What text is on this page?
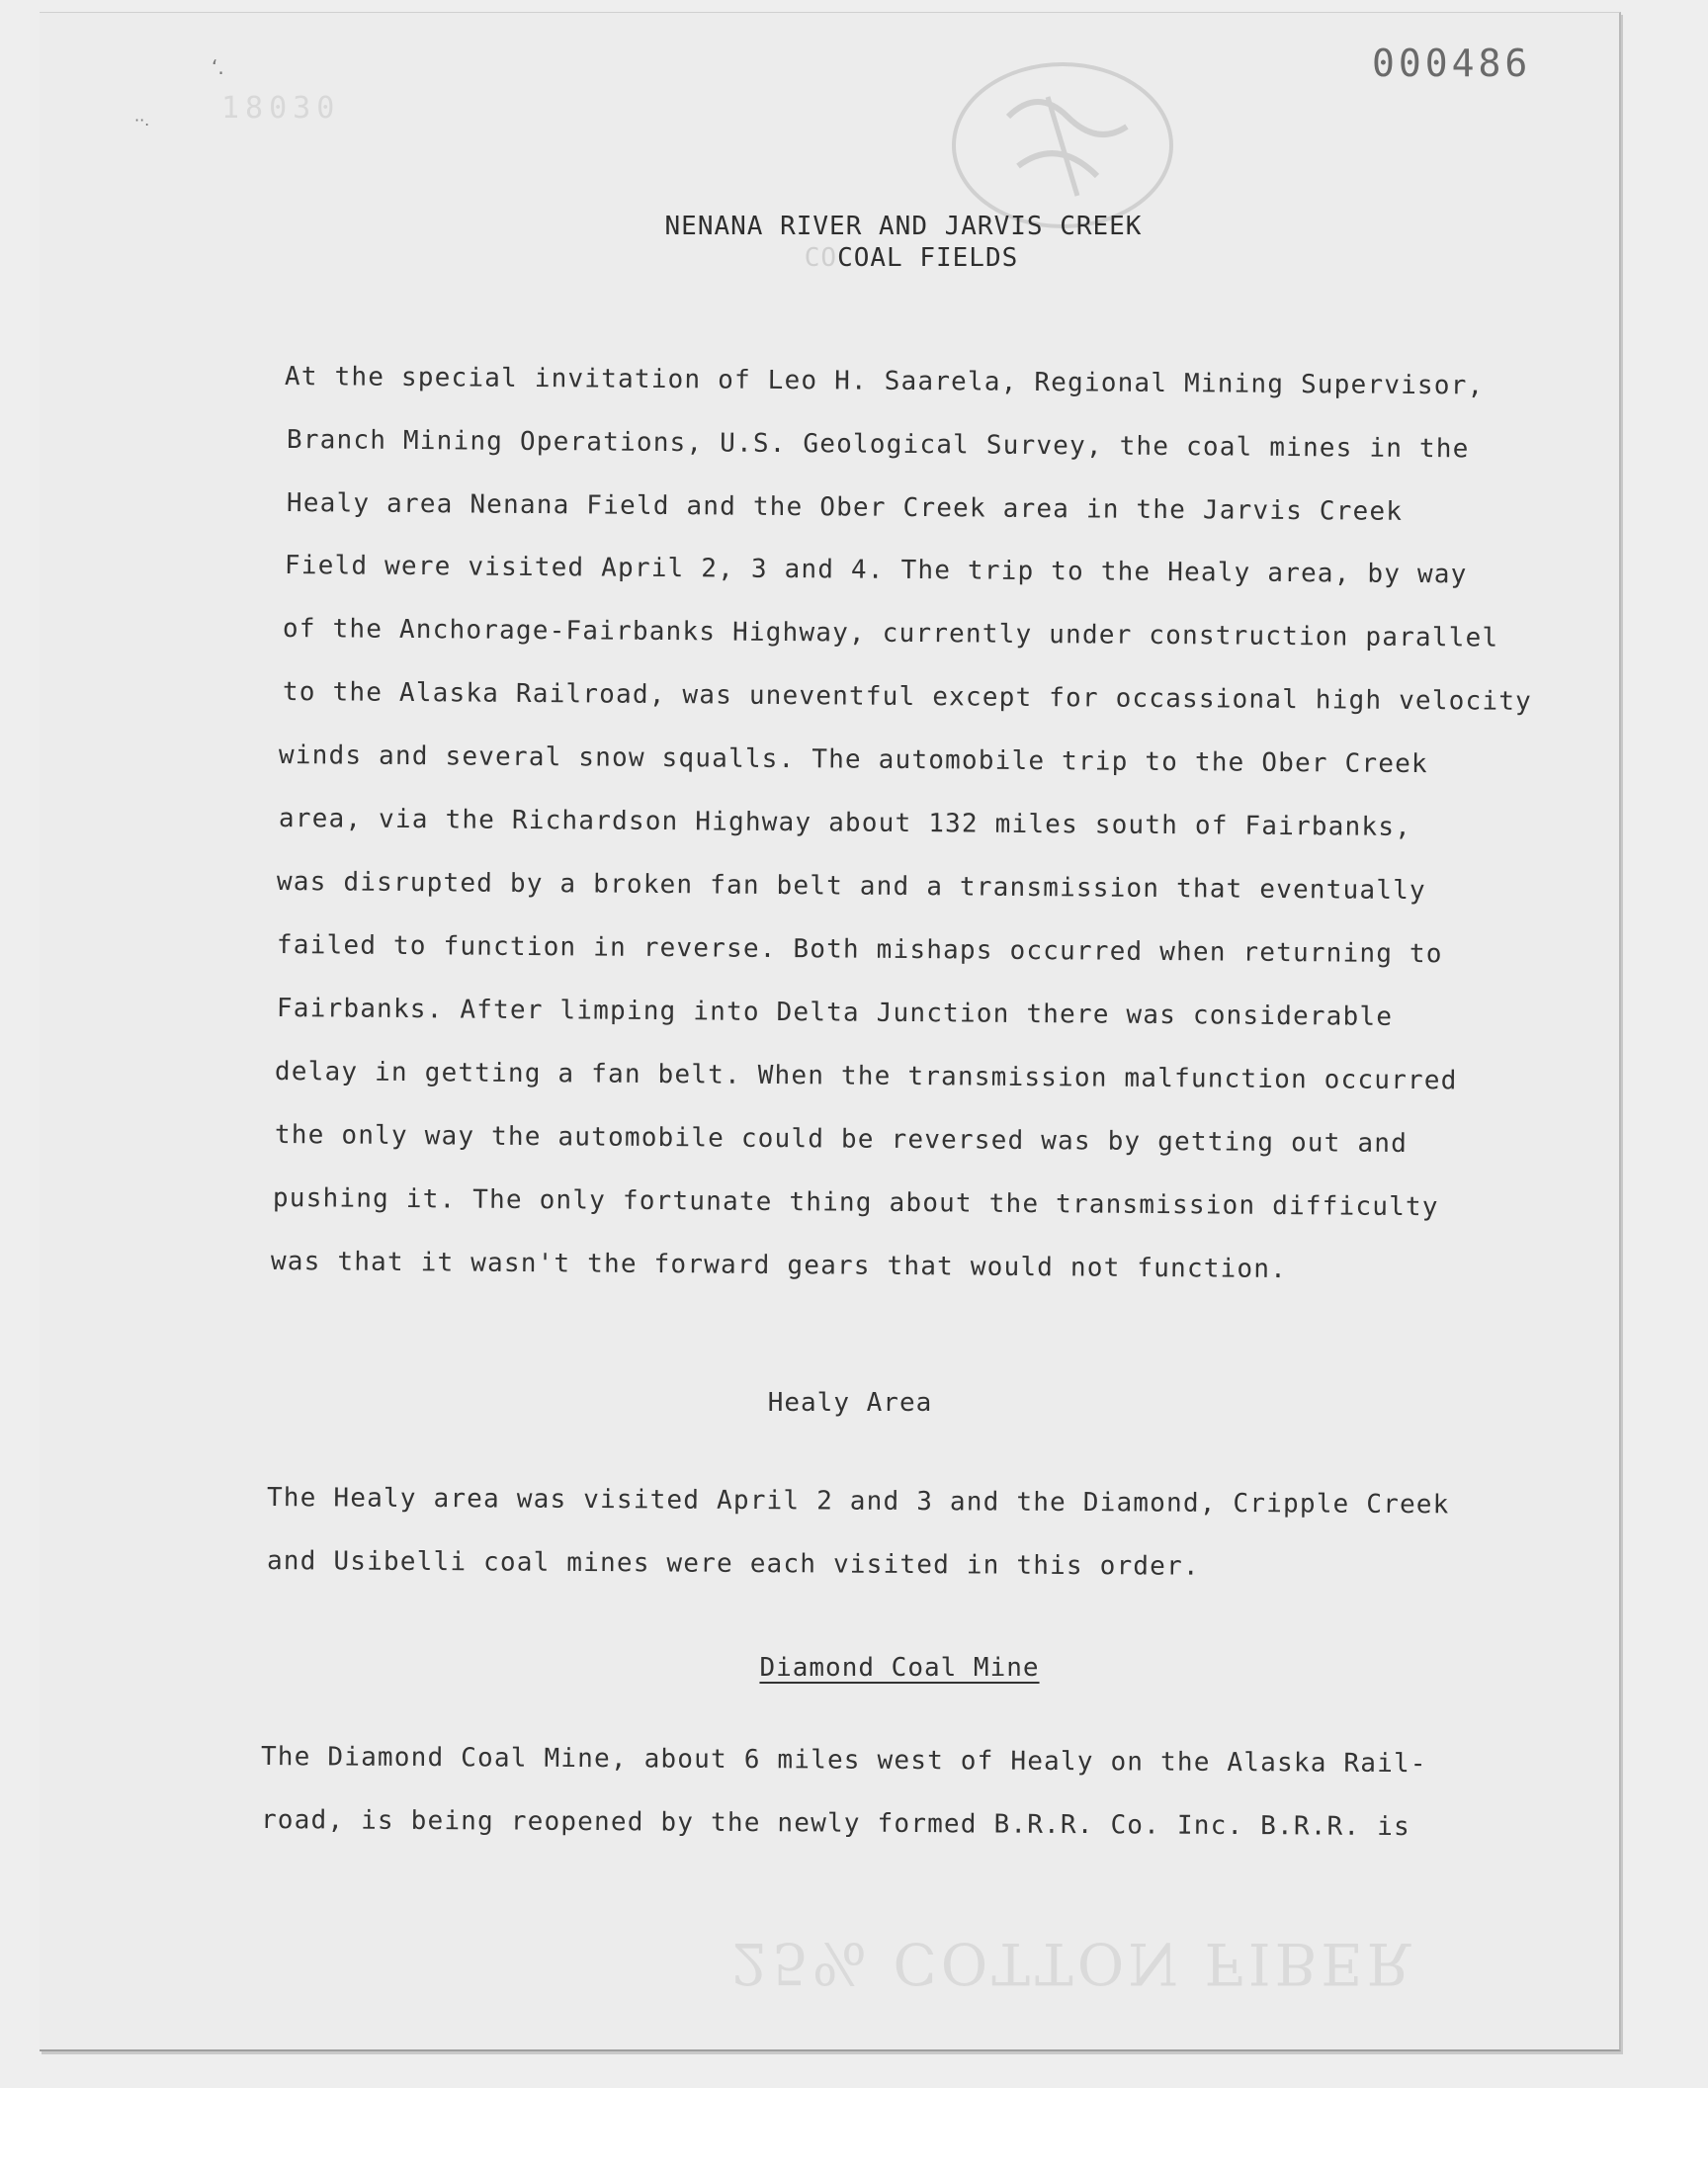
ʻ.
··. 18030
000486
NENANA RIVER AND JARVIS CREEK
COCOAL FIELDS
At the special invitation of Leo H. Saarela, Regional Mining Supervisor,
Branch Mining Operations, U.S. Geological Survey, the coal mines in the
Healy area Nenana Field and the Ober Creek area in the Jarvis Creek
Field were visited April 2, 3 and 4. The trip to the Healy area, by way
of the Anchorage-Fairbanks Highway, currently under construction parallel
to the Alaska Railroad, was uneventful except for occassional high velocity
winds and several snow squalls. The automobile trip to the Ober Creek
area, via the Richardson Highway about 132 miles south of Fairbanks,
was disrupted by a broken fan belt and a transmission that eventually
failed to function in reverse. Both mishaps occurred when returning to
Fairbanks. After limping into Delta Junction there was considerable
delay in getting a fan belt. When the transmission malfunction occurred
the only way the automobile could be reversed was by getting out and
pushing it. The only fortunate thing about the transmission difficulty
was that it wasn't the forward gears that would not function.
Healy Area
The Healy area was visited April 2 and 3 and the Diamond, Cripple Creek
and Usibelli coal mines were each visited in this order.
Diamond Coal Mine
The Diamond Coal Mine, about 6 miles west of Healy on the Alaska Rail-
road, is being reopened by the newly formed B.R.R. Co. Inc. B.R.R. is
25% COTTON FIBER
